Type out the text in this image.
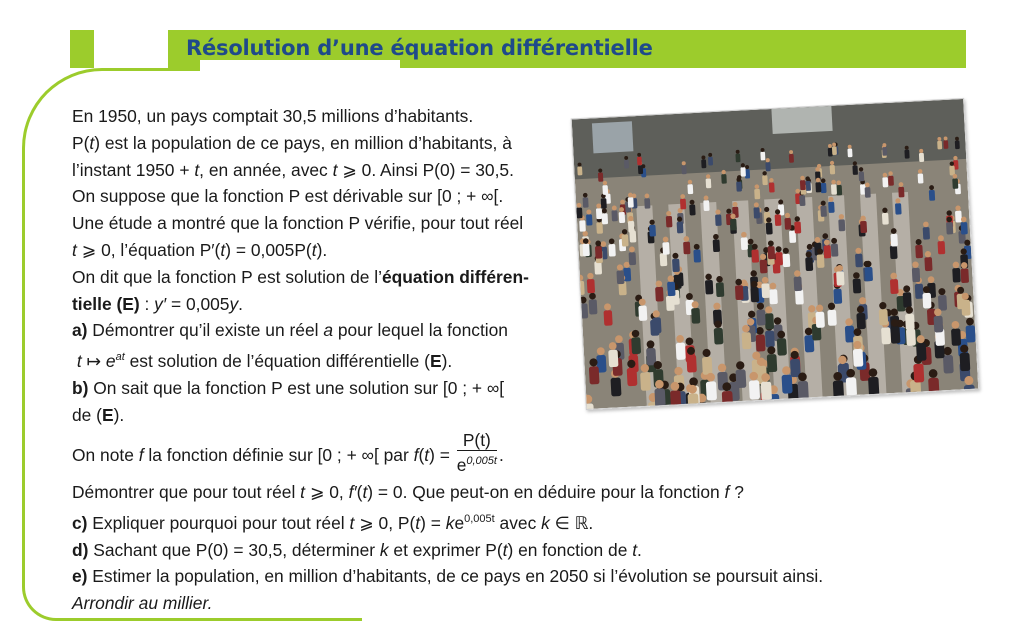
Résolution d’une équation différentielle

En 1950, un pays comptait 30,5 millions d’habitants.

P(t) est la population de ce pays, en million d’habitants, à

l’instant 1950 + t, en année, avec t ⩾ 0. Ainsi P(0) = 30,5.

On suppose que la fonction P est dérivable sur [0 ; + ∞[.

Une étude a montré que la fonction P vérifie, pour tout réel

t ⩾ 0, l’équation P′(t) = 0,005P(t).

On dit que la fonction P est solution de l’équation différen-

tielle (E) : y′ = 0,005y.

a) Démontrer qu’il existe un réel a pour lequel la fonction

t ↦ $e^{at}$ est solution de l’équation différentielle (E).

b) On sait que la fonction P est une solution sur [0 ; + ∞[

de (E).

On note f la fonction définie sur [0 ; + ∞[ par $f(t) = \frac{P(t)}{e^{0,005t}}$ .

Démontrer que pour tout réel t ⩾ 0, f′(t) = 0. Que peut-on en déduire pour la fonction f ?

c) Expliquer pourquoi pour tout réel t ⩾ 0, $P(t) = ke^{0,005t}$ avec k ∈ ℝ.

d) Sachant que P(0) = 30,5, déterminer k et exprimer P(t) en fonction de t.

e) Estimer la population, en million d’habitants, de ce pays en 2050 si l’évolution se poursuit ainsi.

Arrondir au millier.
